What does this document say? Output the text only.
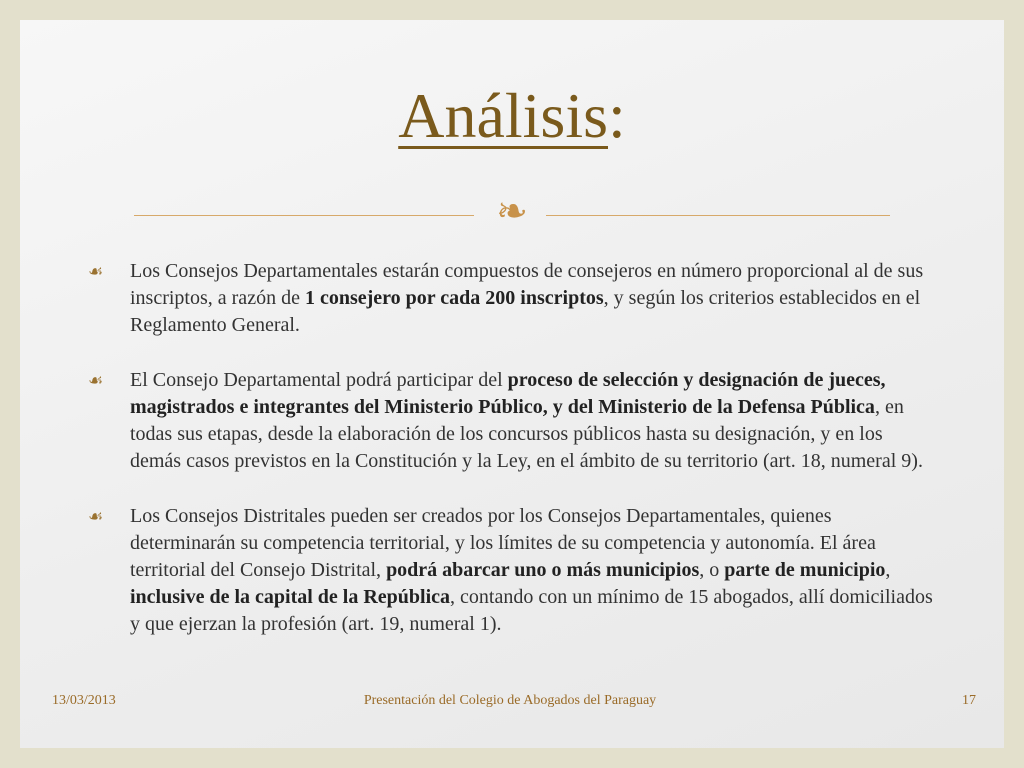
Análisis:
❧
☙ Los Consejos Departamentales estarán compuestos de consejeros en número proporcional al de sus inscriptos, a razón de 1 consejero por cada 200 inscriptos, y según los criterios establecidos en el Reglamento General.
☙ El Consejo Departamental podrá participar del proceso de selección y designación de jueces, magistrados e integrantes del Ministerio Público, y del Ministerio de la Defensa Pública, en todas sus etapas, desde la elaboración de los concursos públicos hasta su designación, y en los demás casos previstos en la Constitución y la Ley, en el ámbito de su territorio (art. 18, numeral 9).
☙ Los Consejos Distritales pueden ser creados por los Consejos Departamentales, quienes determinarán su competencia territorial, y los límites de su competencia y autonomía. El área territorial del Consejo Distrital, podrá abarcar uno o más municipios, o parte de municipio, inclusive de la capital de la República, contando con un mínimo de 15 abogados, allí domiciliados y que ejerzan la profesión (art. 19, numeral 1).
13/03/2013	Presentación del Colegio de Abogados del Paraguay	17
